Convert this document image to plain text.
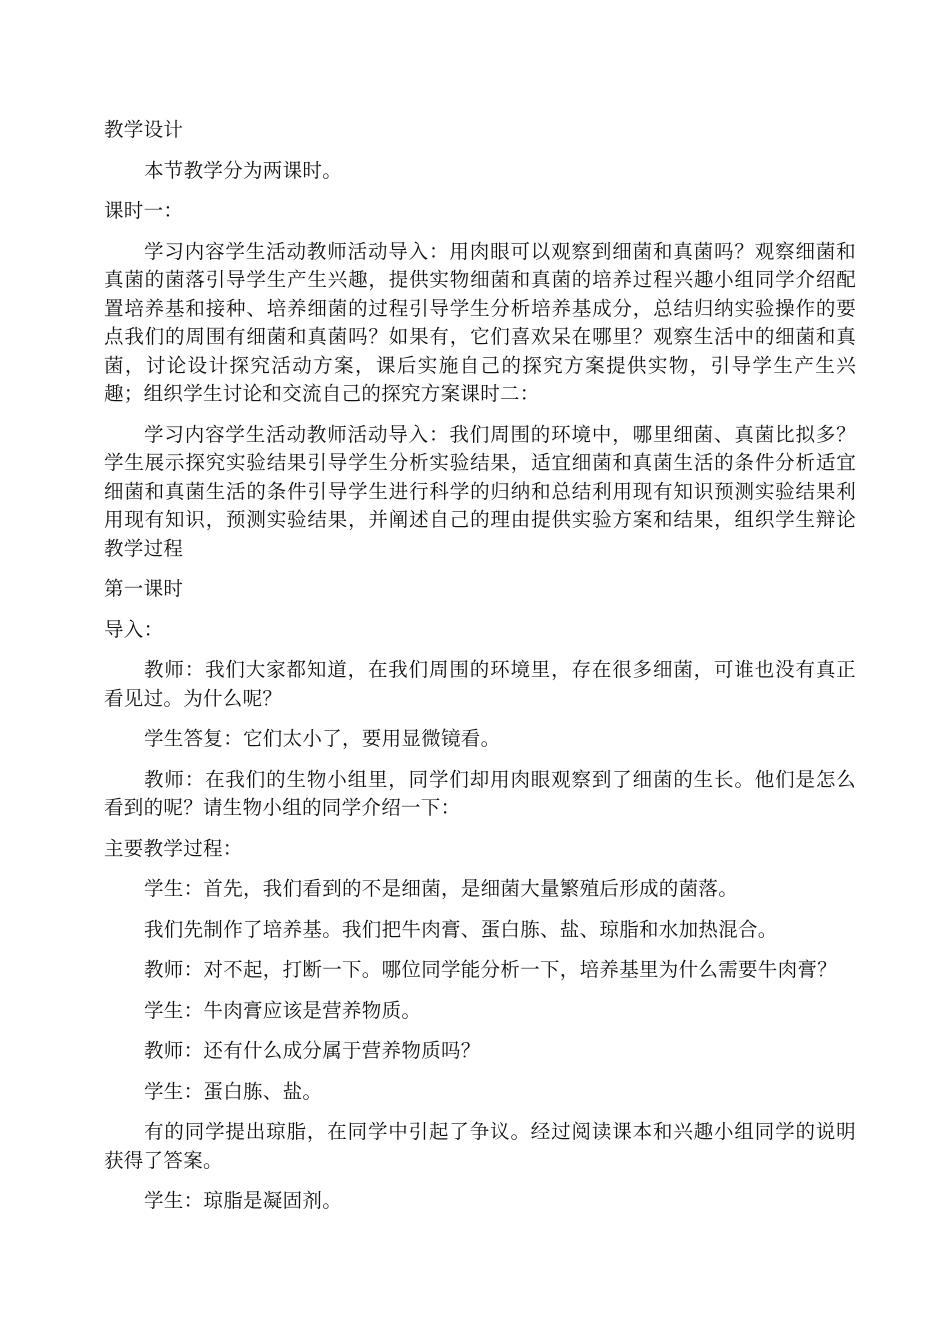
教学设计

本节教学分为两课时。

课时一：

学习内容学生活动教师活动导入：用肉眼可以观察到细菌和真菌吗？观察细菌和真菌的菌落引导学生产生兴趣，提供实物细菌和真菌的培养过程兴趣小组同学介绍配置培养基和接种、培养细菌的过程引导学生分析培养基成分，总结归纳实验操作的要点我们的周围有细菌和真菌吗？如果有，它们喜欢呆在哪里？观察生活中的细菌和真菌，讨论设计探究活动方案，课后实施自己的探究方案提供实物，引导学生产生兴趣；组织学生讨论和交流自己的探究方案课时二：

学习内容学生活动教师活动导入：我们周围的环境中，哪里细菌、真菌比拟多？学生展示探究实验结果引导学生分析实验结果，适宜细菌和真菌生活的条件分析适宜细菌和真菌生活的条件引导学生进行科学的归纳和总结利用现有知识预测实验结果利用现有知识，预测实验结果，并阐述自己的理由提供实验方案和结果，组织学生辩论教学过程

第一课时

导入：

教师：我们大家都知道，在我们周围的环境里，存在很多细菌，可谁也没有真正看见过。为什么呢？

学生答复：它们太小了，要用显微镜看。

教师：在我们的生物小组里，同学们却用肉眼观察到了细菌的生长。他们是怎么看到的呢？请生物小组的同学介绍一下：

主要教学过程：

学生：首先，我们看到的不是细菌，是细菌大量繁殖后形成的菌落。

我们先制作了培养基。我们把牛肉膏、蛋白胨、盐、琼脂和水加热混合。

教师：对不起，打断一下。哪位同学能分析一下，培养基里为什么需要牛肉膏？

学生：牛肉膏应该是营养物质。

教师：还有什么成分属于营养物质吗？

学生：蛋白胨、盐。

有的同学提出琼脂，在同学中引起了争议。经过阅读课本和兴趣小组同学的说明获得了答案。

学生：琼脂是凝固剂。
